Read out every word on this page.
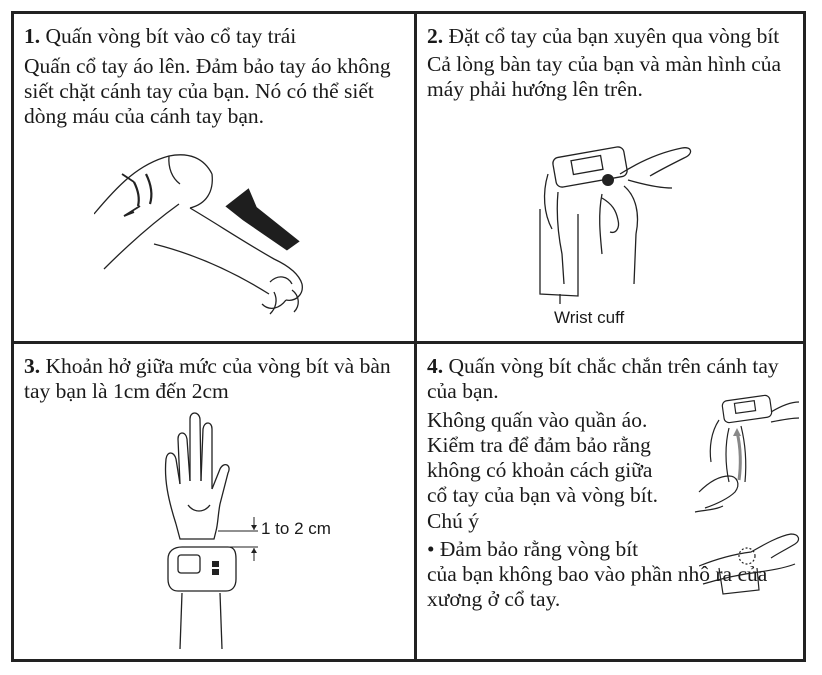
1. Quấn vòng bít vào cổ tay trái

Quấn cổ tay áo lên. Đảm bảo tay áo không siết chặt cánh tay của bạn. Nó có thể siết dòng máu của cánh tay bạn.

2. Đặt cổ tay của bạn xuyên qua vòng bít

Cả lòng bàn tay của bạn và màn hình của máy phải hướng lên trên.

Wrist cuff

3. Khoản hở giữa mức của vòng bít và bàn tay bạn là 1cm đến 2cm

1 to 2 cm

4. Quấn vòng bít chắc chắn trên cánh tay của bạn.

Không quấn vào quần áo. Kiểm tra để đảm bảo rằng không có khoản cách giữa cổ tay của bạn và vòng bít.

Chú ý

• Đảm bảo rằng vòng bít

của bạn không bao vào phần nhô ra của xương ở cổ tay.
